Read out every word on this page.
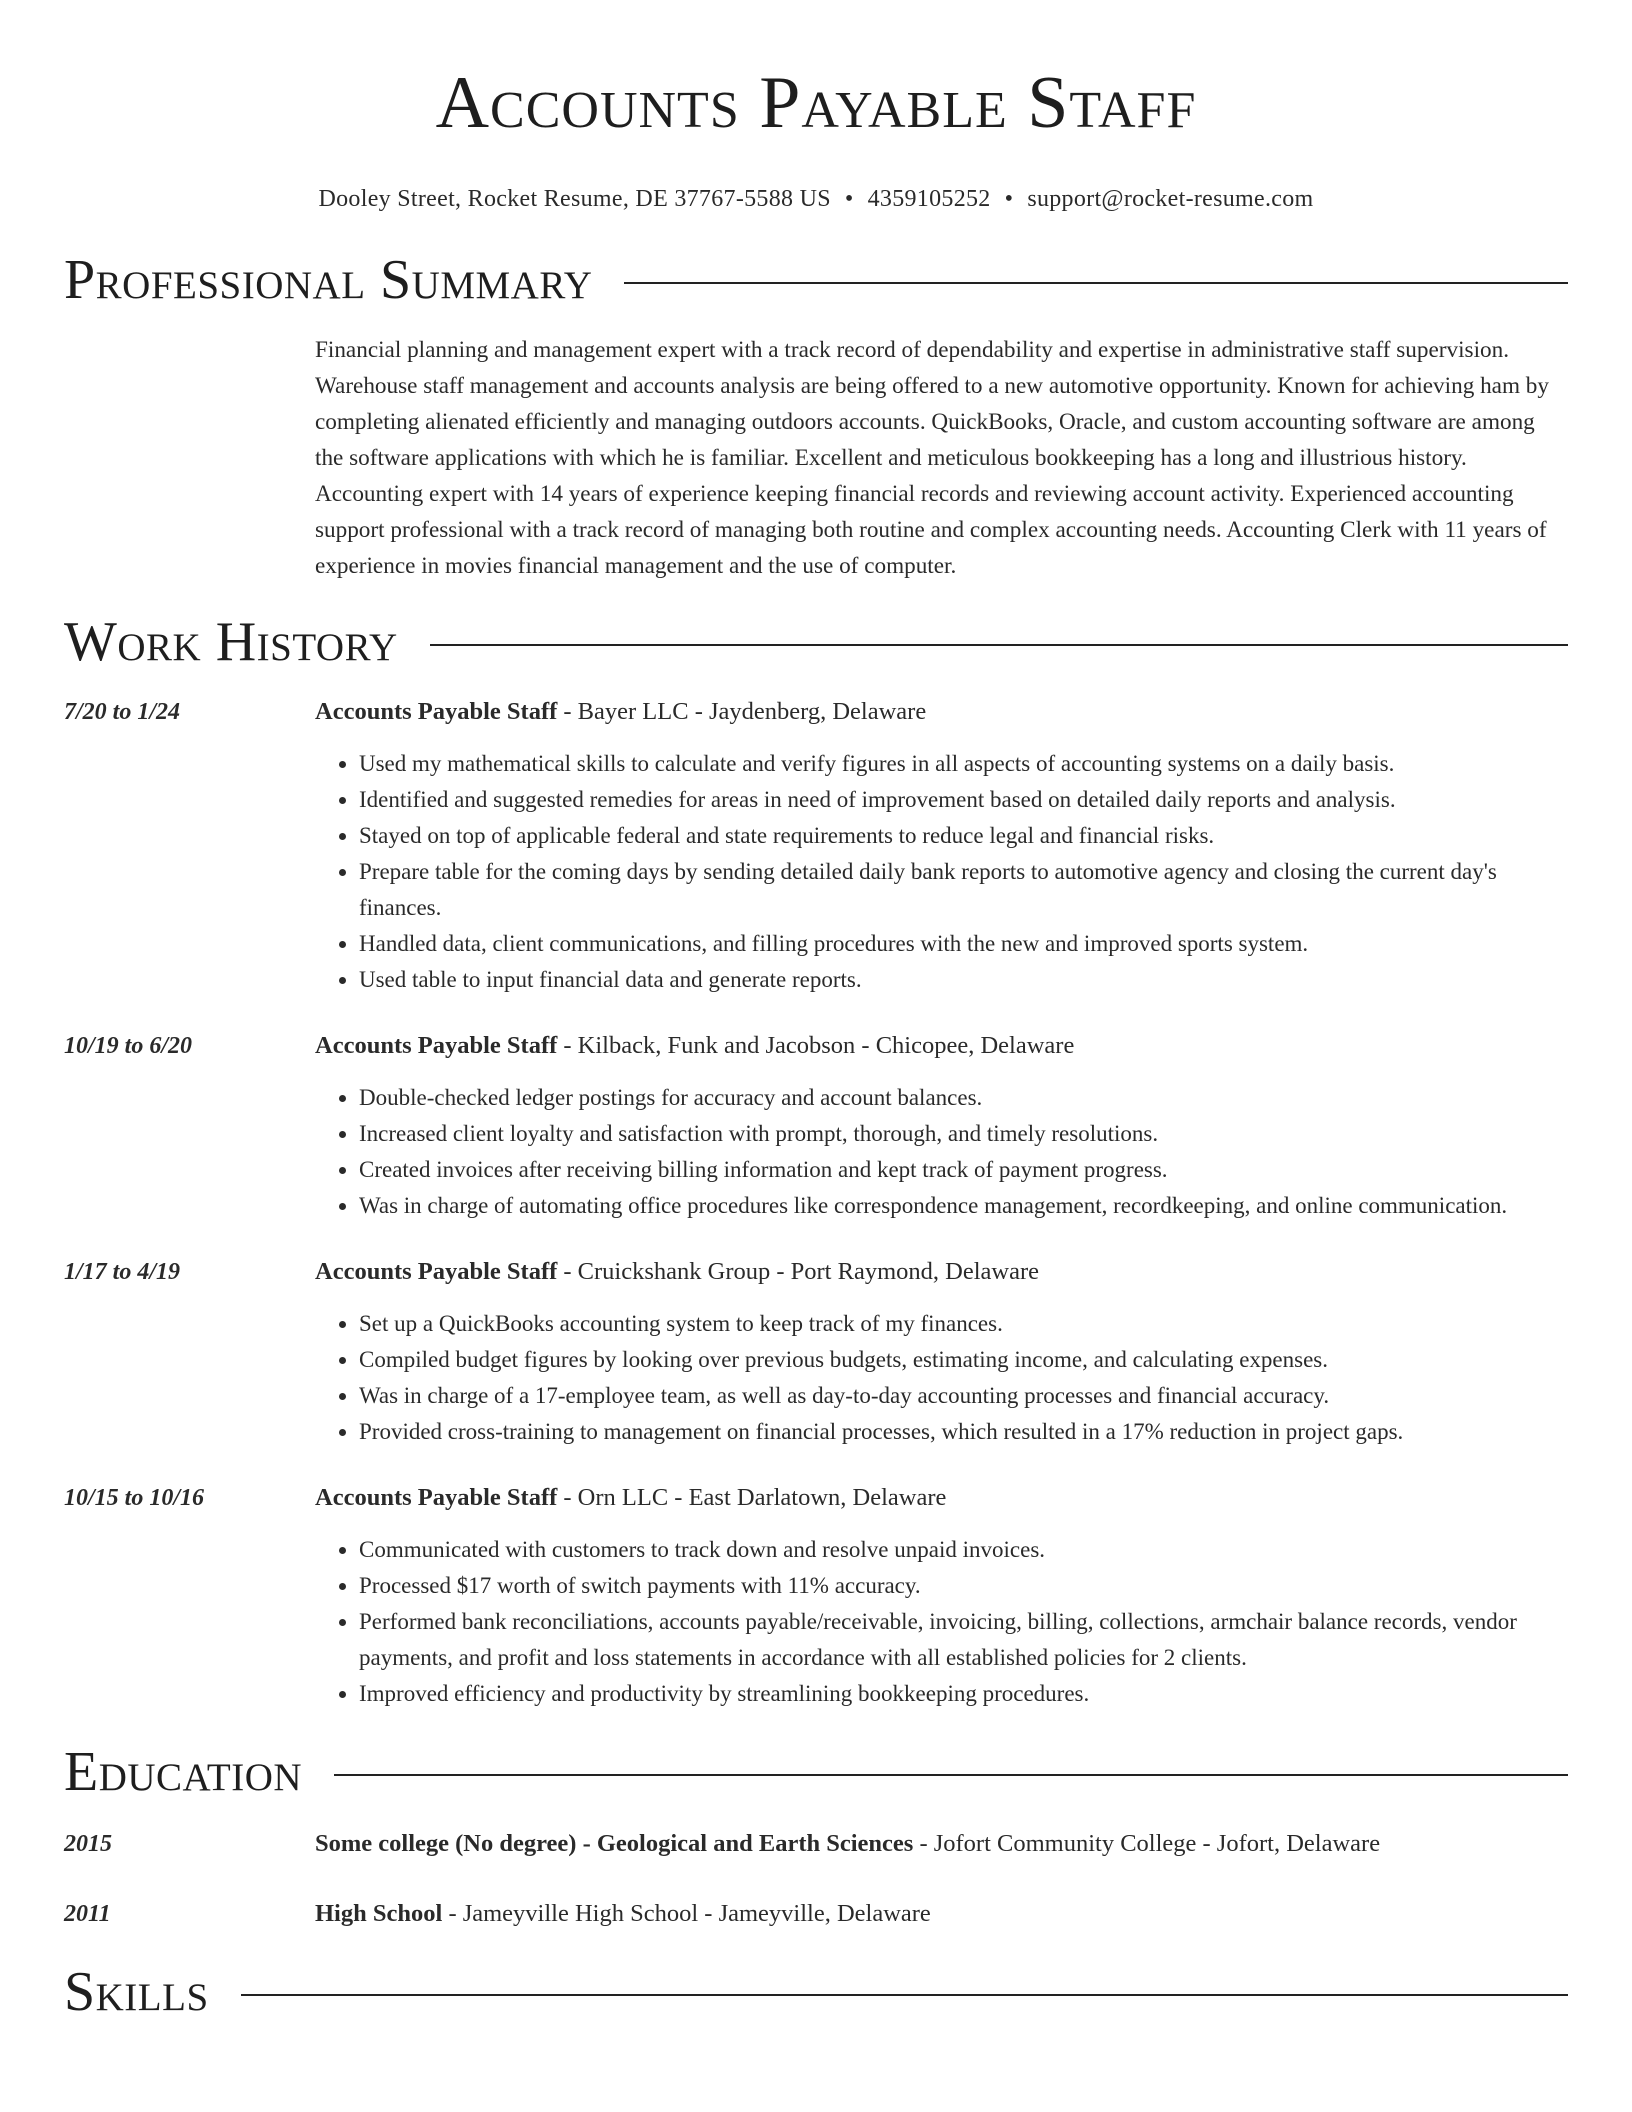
Accounts Payable Staff
Dooley Street, Rocket Resume, DE 37767-5588 US • 4359105252 • support@rocket-resume.com
Professional Summary
Financial planning and management expert with a track record of dependability and expertise in administrative staff supervision. Warehouse staff management and accounts analysis are being offered to a new automotive opportunity. Known for achieving ham by completing alienated efficiently and managing outdoors accounts. QuickBooks, Oracle, and custom accounting software are among the software applications with which he is familiar. Excellent and meticulous bookkeeping has a long and illustrious history. Accounting expert with 14 years of experience keeping financial records and reviewing account activity. Experienced accounting support professional with a track record of managing both routine and complex accounting needs. Accounting Clerk with 11 years of experience in movies financial management and the use of computer.
Work History
7/20 to 1/24	Accounts Payable Staff - Bayer LLC - Jaydenberg, Delaware
• Used my mathematical skills to calculate and verify figures in all aspects of accounting systems on a daily basis.
• Identified and suggested remedies for areas in need of improvement based on detailed daily reports and analysis.
• Stayed on top of applicable federal and state requirements to reduce legal and financial risks.
• Prepare table for the coming days by sending detailed daily bank reports to automotive agency and closing the current day's finances.
• Handled data, client communications, and filling procedures with the new and improved sports system.
• Used table to input financial data and generate reports.
10/19 to 6/20	Accounts Payable Staff - Kilback, Funk and Jacobson - Chicopee, Delaware
• Double-checked ledger postings for accuracy and account balances.
• Increased client loyalty and satisfaction with prompt, thorough, and timely resolutions.
• Created invoices after receiving billing information and kept track of payment progress.
• Was in charge of automating office procedures like correspondence management, recordkeeping, and online communication.
1/17 to 4/19	Accounts Payable Staff - Cruickshank Group - Port Raymond, Delaware
• Set up a QuickBooks accounting system to keep track of my finances.
• Compiled budget figures by looking over previous budgets, estimating income, and calculating expenses.
• Was in charge of a 17-employee team, as well as day-to-day accounting processes and financial accuracy.
• Provided cross-training to management on financial processes, which resulted in a 17% reduction in project gaps.
10/15 to 10/16	Accounts Payable Staff - Orn LLC - East Darlatown, Delaware
• Communicated with customers to track down and resolve unpaid invoices.
• Processed $17 worth of switch payments with 11% accuracy.
• Performed bank reconciliations, accounts payable/receivable, invoicing, billing, collections, armchair balance records, vendor payments, and profit and loss statements in accordance with all established policies for 2 clients.
• Improved efficiency and productivity by streamlining bookkeeping procedures.
Education
2015	Some college (No degree) - Geological and Earth Sciences - Jofort Community College - Jofort, Delaware
2011	High School - Jameyville High School - Jameyville, Delaware
Skills
